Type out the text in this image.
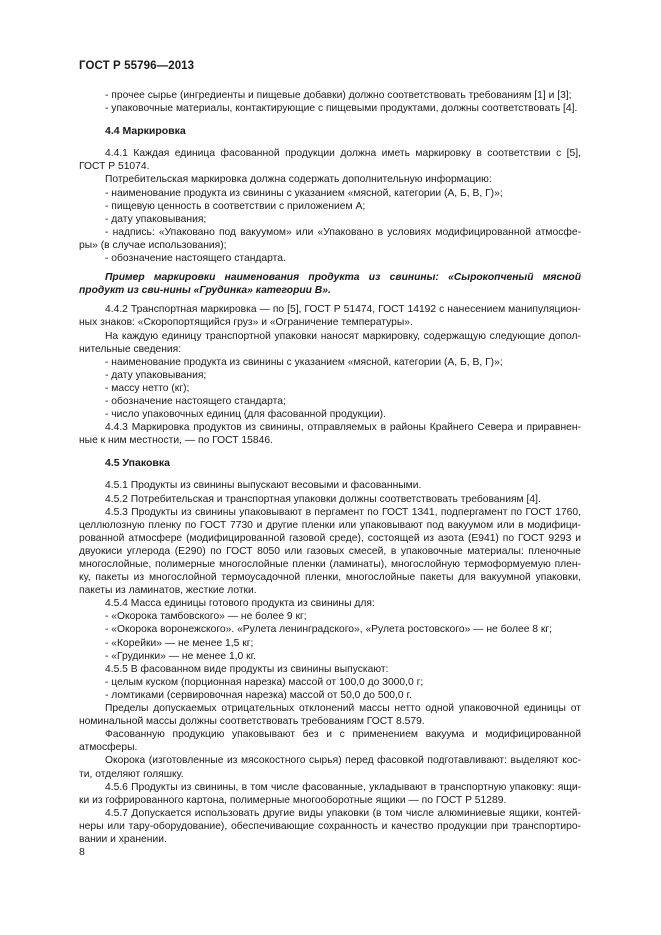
ГОСТ Р 55796—2013

- прочее сырье (ингредиенты и пищевые добавки) должно соответствовать требованиям [1] и [3];

- упаковочные материалы, контактирующие с пищевыми продуктами, должны соответствовать [4].

4.4 Маркировка

4.4.1 Каждая единица фасованной продукции должна иметь маркировку в соответствии с [5], ГОСТ Р 51074.

Потребительская маркировка должна содержать дополнительную информацию:

- наименование продукта из свинины с указанием «мясной, категории (А, Б, В, Г)»;

- пищевую ценность в соответствии с приложением А;

- дату упаковывания;

- надпись: «Упаковано под вакуумом» или «Упаковано в условиях модифицированной атмосфе-ры» (в случае использования);

- обозначение настоящего стандарта.

Пример маркировки наименования продукта из свинины: «Сырокопченый мясной продукт из сви-нины «Грудинка» категории В».

4.4.2 Транспортная маркировка — по [5], ГОСТ Р 51474, ГОСТ 14192 с нанесением манипуляцион-ных знаков: «Скоропортящийся груз» и «Ограничение температуры».

На каждую единицу транспортной упаковки наносят маркировку, содержащую следующие допол-нительные сведения:

- наименование продукта из свинины с указанием «мясной, категории (А, Б, В, Г)»;

- дату упаковывания;

- массу нетто (кг);

- обозначение настоящего стандарта;

- число упаковочных единиц (для фасованной продукции).

4.4.3 Маркировка продуктов из свинины, отправляемых в районы Крайнего Севера и приравнен-ные к ним местности, — по ГОСТ 15846.

4.5 Упаковка

4.5.1 Продукты из свинины выпускают весовыми и фасованными.

4.5.2 Потребительская и транспортная упаковки должны соответствовать требованиям [4].

4.5.3 Продукты из свинины упаковывают в пергамент по ГОСТ 1341, подпергамент по ГОСТ 1760, целлюлозную пленку по ГОСТ 7730 и другие пленки или упаковывают под вакуумом или в модифици-рованной атмосфере (модифицированной газовой среде), состоящей из азота (Е941) по ГОСТ 9293 и двуокиси углерода (Е290) по ГОСТ 8050 или газовых смесей, в упаковочные материалы: пленочные многослойные, полимерные многослойные пленки (ламинаты), многослойную термоформуемую плен-ку, пакеты из многослойной термоусадочной пленки, многослойные пакеты для вакуумной упаковки, пакеты из ламинатов, жесткие лотки.

4.5.4 Масса единицы готового продукта из свинины для:

- «Окорока тамбовского» — не более 9 кг;

- «Окорока воронежского». «Рулета ленинградского», «Рулета ростовского» — не более 8 кг;

- «Корейки» — не менее 1,5 кг;

- «Грудинки» — не менее 1,0 кг.

4.5.5 В фасованном виде продукты из свинины выпускают:

- целым куском (порционная нарезка) массой от 100,0 до 3000,0 г;

- ломтиками (сервировочная нарезка) массой от 50,0 до 500,0 г.

Пределы допускаемых отрицательных отклонений массы нетто одной упаковочной единицы от номинальной массы должны соответствовать требованиям ГОСТ 8.579.

Фасованную продукцию упаковывают без и с применением вакуума и модифицированной атмосферы.

Окорока (изготовленные из мясокостного сырья) перед фасовкой подготавливают: выделяют кос-ти, отделяют голяшку.

4.5.6 Продукты из свинины, в том числе фасованные, укладывают в транспортную упаковку: ящи-ки из гофрированного картона, полимерные многооборотные ящики — по ГОСТ Р 51289.

4.5.7 Допускается использовать другие виды упаковки (в том числе алюминиевые ящики, контей-неры или тару-оборудование), обеспечивающие сохранность и качество продукции при транспортиро-вании и хранении.

8
